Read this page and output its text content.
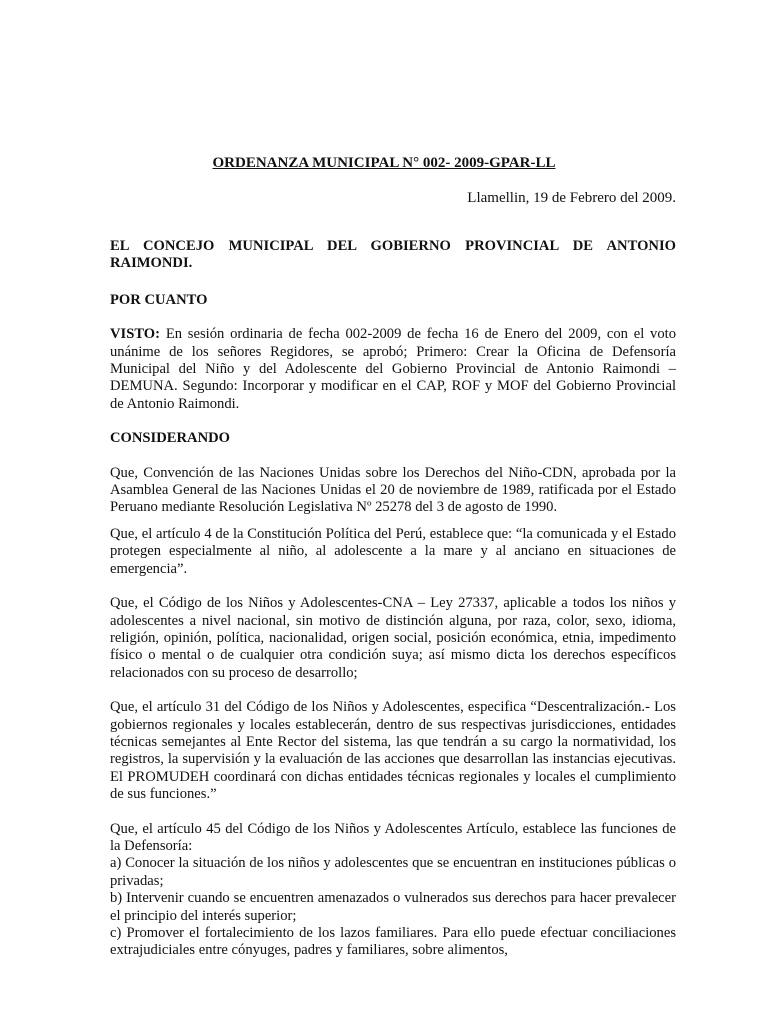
ORDENANZA MUNICIPAL N° 002- 2009-GPAR-LL
Llamellin, 19 de Febrero del 2009.

EL CONCEJO MUNICIPAL DEL GOBIERNO PROVINCIAL DE ANTONIO RAIMONDI.

POR CUANTO

VISTO: En sesión ordinaria de fecha 002-2009 de fecha 16 de Enero del 2009, con el voto unánime de los señores Regidores, se aprobó; Primero: Crear la Oficina de Defensoría Municipal del Niño y del Adolescente del Gobierno Provincial de Antonio Raimondi – DEMUNA. Segundo: Incorporar y modificar en el CAP, ROF y MOF del Gobierno Provincial de Antonio Raimondi.

CONSIDERANDO

Que, Convención de las Naciones Unidas sobre los Derechos del Niño-CDN, aprobada por la Asamblea General de las Naciones Unidas el 20 de noviembre de 1989, ratificada por el Estado Peruano mediante Resolución Legislativa Nº 25278 del 3 de agosto de 1990.

Que, el artículo 4 de la Constitución Política del Perú, establece que: “la comunicada y el Estado protegen especialmente al niño, al adolescente a la mare y al anciano en situaciones de emergencia”.

Que, el Código de los Niños y Adolescentes-CNA – Ley 27337, aplicable a todos los niños y adolescentes a nivel nacional, sin motivo de distinción alguna, por raza, color, sexo, idioma, religión, opinión, política, nacionalidad, origen social, posición económica, etnia, impedimento físico o mental o de cualquier otra condición suya; así mismo dicta los derechos específicos relacionados con su proceso de desarrollo;

Que, el artículo 31 del Código de los Niños y Adolescentes, especifica “Descentralización.- Los gobiernos regionales y locales establecerán, dentro de sus respectivas jurisdicciones, entidades técnicas semejantes al Ente Rector del sistema, las que tendrán a su cargo la normatividad, los registros, la supervisión y la evaluación de las acciones que desarrollan las instancias ejecutivas. El PROMUDEH coordinará con dichas entidades técnicas regionales y locales el cumplimiento de sus funciones.”

Que, el artículo 45 del Código de los Niños y Adolescentes Artículo, establece las funciones de la Defensoría:

a) Conocer la situación de los niños y adolescentes que se encuentran en instituciones públicas o privadas;

b) Intervenir cuando se encuentren amenazados o vulnerados sus derechos para hacer prevalecer el principio del interés superior;

c) Promover el fortalecimiento de los lazos familiares. Para ello puede efectuar conciliaciones extrajudiciales entre cónyuges, padres y familiares, sobre alimentos,
